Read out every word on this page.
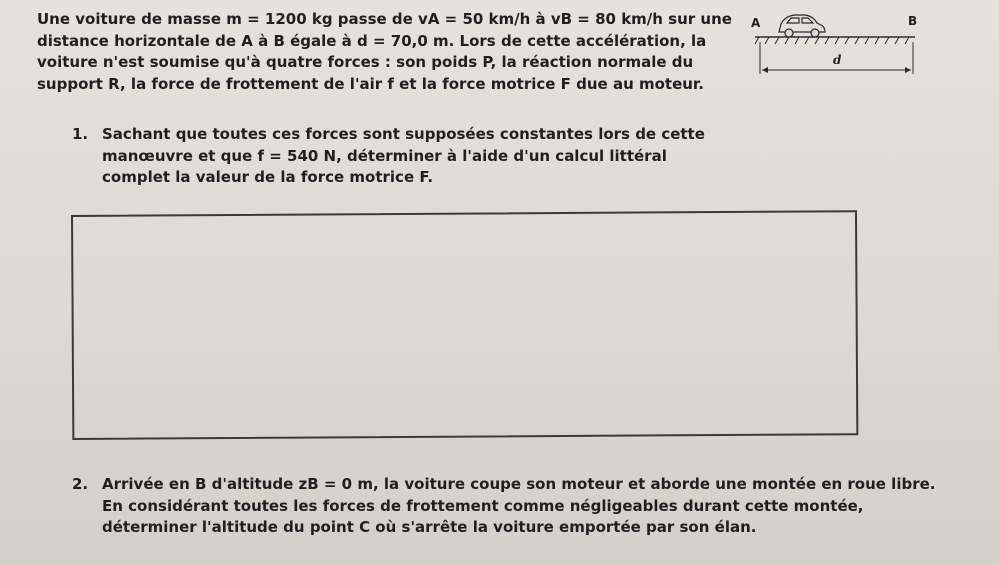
Une voiture de masse m = 1200 kg passe de vA = 50 km/h à vB = 80 km/h sur une
distance horizontale de A à B égale à d = 70,0 m. Lors de cette accélération, la
voiture n'est soumise qu'à quatre forces : son poids P, la réaction normale du
support R, la force de frottement de l'air f et la force motrice F due au moteur.
A	B
d
1. Sachant que toutes ces forces sont supposées constantes lors de cette
manœuvre et que f = 540 N, déterminer à l'aide d'un calcul littéral
complet la valeur de la force motrice F.
2. Arrivée en B d'altitude zB = 0 m, la voiture coupe son moteur et aborde une montée en roue libre.
En considérant toutes les forces de frottement comme négligeables durant cette montée,
déterminer l'altitude du point C où s'arrête la voiture emportée par son élan.
